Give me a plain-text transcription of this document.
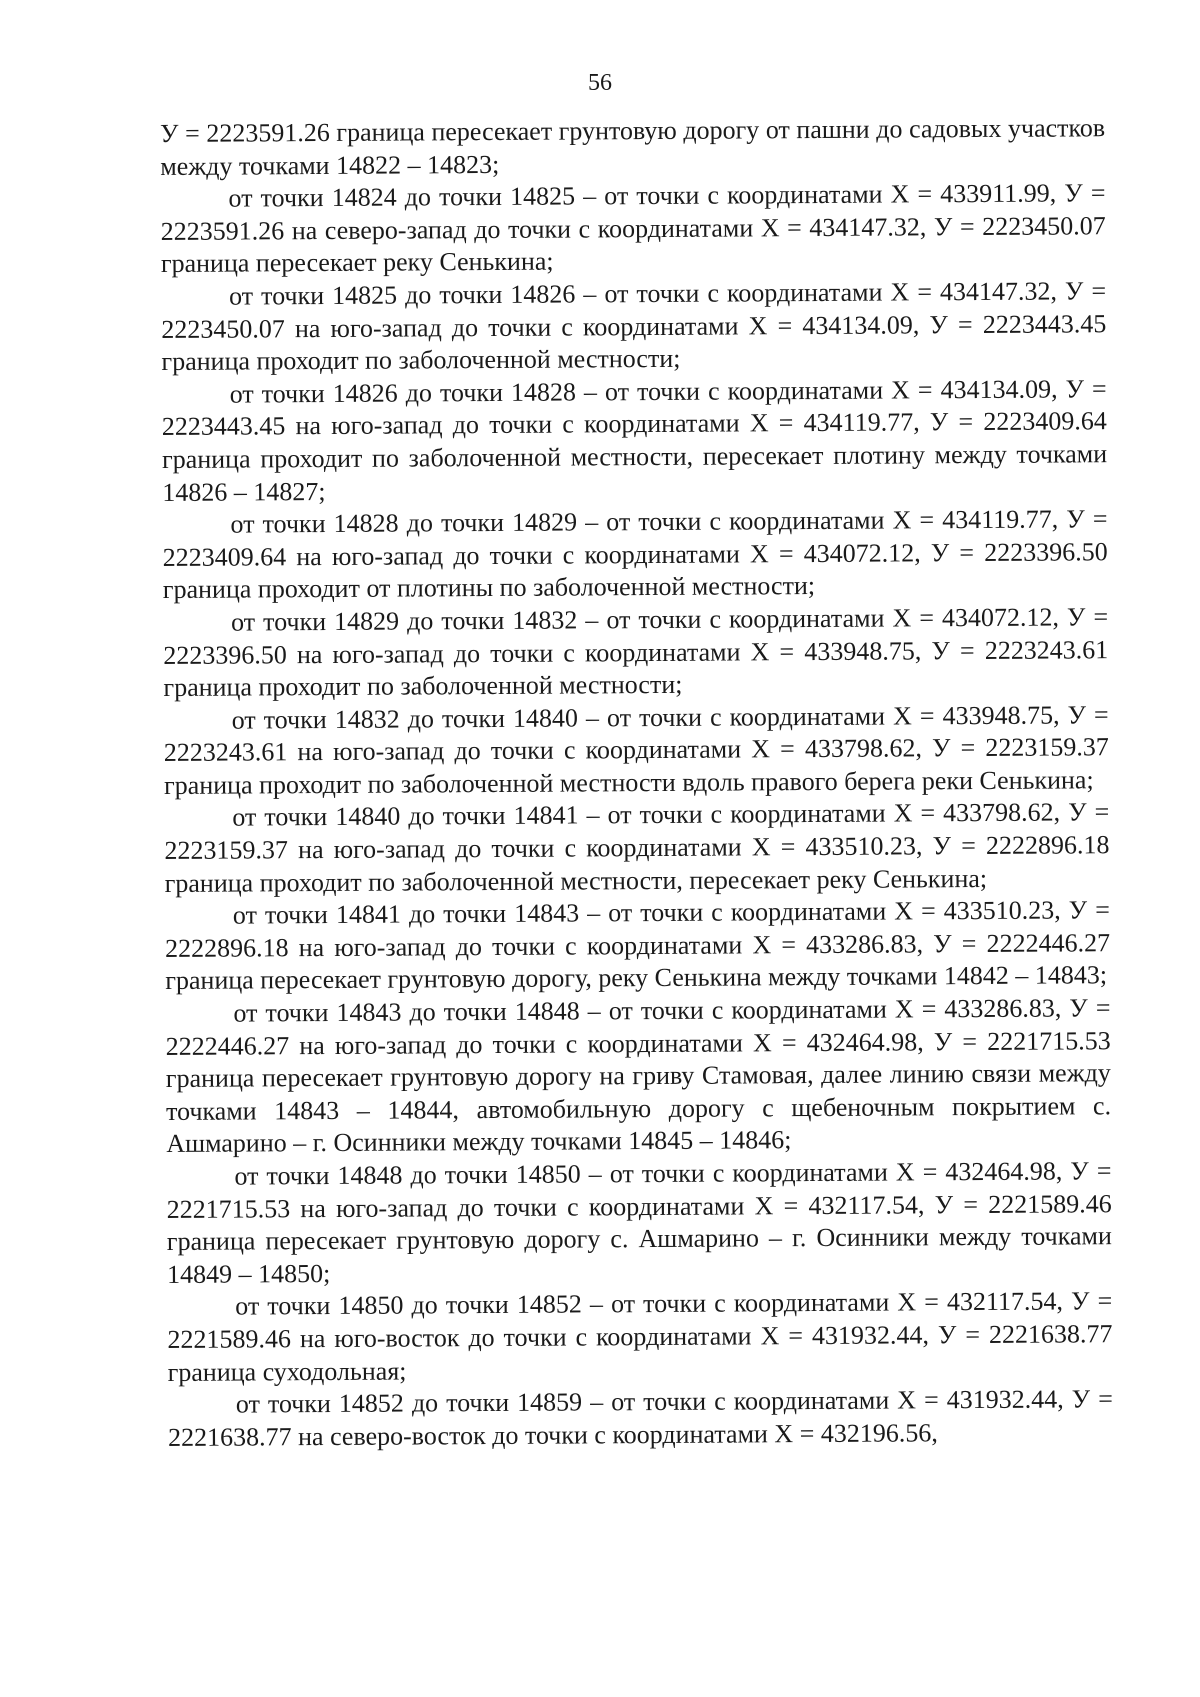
56

У = 2223591.26 граница пересекает грунтовую дорогу от пашни до садовых участков между точками 14822 – 14823;

от точки 14824 до точки 14825 – от точки с координатами Х = 433911.99, У = 2223591.26 на северо-запад до точки с координатами Х = 434147.32, У = 2223450.07 граница пересекает реку Сенькина;

от точки 14825 до точки 14826 – от точки с координатами Х = 434147.32, У = 2223450.07 на юго-запад до точки с координатами Х = 434134.09, У = 2223443.45 граница проходит по заболоченной местности;

от точки 14826 до точки 14828 – от точки с координатами Х = 434134.09, У = 2223443.45 на юго-запад до точки с координатами Х = 434119.77, У = 2223409.64 граница проходит по заболоченной местности, пересекает плотину между точками 14826 – 14827;

от точки 14828 до точки 14829 – от точки с координатами Х = 434119.77, У = 2223409.64 на юго-запад до точки с координатами Х = 434072.12, У = 2223396.50 граница проходит от плотины по заболоченной местности;

от точки 14829 до точки 14832 – от точки с координатами Х = 434072.12, У = 2223396.50 на юго-запад до точки с координатами Х = 433948.75, У = 2223243.61 граница проходит по заболоченной местности;

от точки 14832 до точки 14840 – от точки с координатами Х = 433948.75, У = 2223243.61 на юго-запад до точки с координатами Х = 433798.62, У = 2223159.37 граница проходит по заболоченной местности вдоль правого берега реки Сенькина;

от точки 14840 до точки 14841 – от точки с координатами Х = 433798.62, У = 2223159.37 на юго-запад до точки с координатами Х = 433510.23, У = 2222896.18 граница проходит по заболоченной местности, пересекает реку Сенькина;

от точки 14841 до точки 14843 – от точки с координатами Х = 433510.23, У = 2222896.18 на юго-запад до точки с координатами Х = 433286.83, У = 2222446.27 граница пересекает грунтовую дорогу, реку Сенькина между точками 14842 – 14843;

от точки 14843 до точки 14848 – от точки с координатами Х = 433286.83, У = 2222446.27 на юго-запад до точки с координатами Х = 432464.98, У = 2221715.53 граница пересекает грунтовую дорогу на гриву Стамовая, далее линию связи между точками 14843 – 14844, автомобильную дорогу с щебеночным покрытием с. Ашмарино – г. Осинники между точками 14845 – 14846;

от точки 14848 до точки 14850 – от точки с координатами Х = 432464.98, У = 2221715.53 на юго-запад до точки с координатами Х = 432117.54, У = 2221589.46 граница пересекает грунтовую дорогу с. Ашмарино – г. Осинники между точками 14849 – 14850;

от точки 14850 до точки 14852 – от точки с координатами Х = 432117.54, У = 2221589.46 на юго-восток до точки с координатами Х = 431932.44, У = 2221638.77 граница суходольная;

от точки 14852 до точки 14859 – от точки с координатами Х = 431932.44, У = 2221638.77 на северо-восток до точки с координатами Х = 432196.56,
